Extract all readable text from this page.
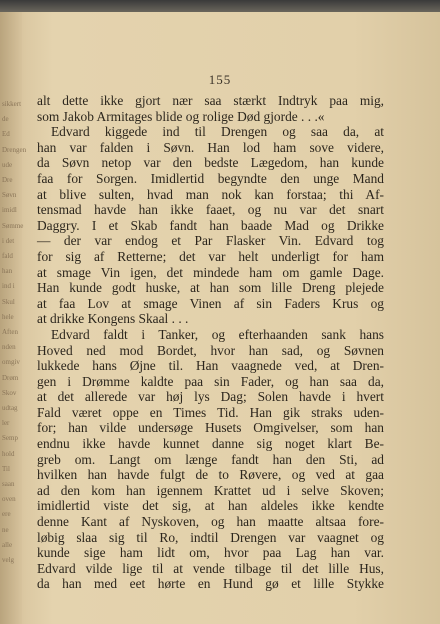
sikkert
de
Ed
Drengen
ude
Dre
Søvn
imidl
Sømme
i det
fald
han
ind i
Skul
hele
Aften
nden
omgiv
Drøm
Skov
udtag
ler
Semp
hold
Til
saan
oven
ere
ne
alle
velg
155
alt dette ikke gjort nær saa stærkt Indtryk paa mig,
som Jakob Armitages blide og rolige Død gjorde . . .«
Edvard kiggede ind til Drengen og saa da, at
han var falden i Søvn. Han lod ham sove videre,
da Søvn netop var den bedste Lægedom, han kunde
faa for Sorgen. Imidlertid begyndte den unge Mand
at blive sulten, hvad man nok kan forstaa; thi Af-
tensmad havde han ikke faaet, og nu var det snart
Daggry. I et Skab fandt han baade Mad og Drikke
— der var endog et Par Flasker Vin. Edvard tog
for sig af Retterne; det var helt underligt for ham
at smage Vin igen, det mindede ham om gamle Dage.
Han kunde godt huske, at han som lille Dreng plejede
at faa Lov at smage Vinen af sin Faders Krus og
at drikke Kongens Skaal . . .
Edvard faldt i Tanker, og efterhaanden sank hans
Hoved ned mod Bordet, hvor han sad, og Søvnen
lukkede hans Øjne til. Han vaagnede ved, at Dren-
gen i Drømme kaldte paa sin Fader, og han saa da,
at det allerede var høj lys Dag; Solen havde i hvert
Fald været oppe en Times Tid. Han gik straks uden-
for; han vilde undersøge Husets Omgivelser, som han
endnu ikke havde kunnet danne sig noget klart Be-
greb om. Langt om længe fandt han den Sti, ad
hvilken han havde fulgt de to Røvere, og ved at gaa
ad den kom han igennem Krattet ud i selve Skoven;
imidlertid viste det sig, at han aldeles ikke kendte
denne Kant af Nyskoven, og han maatte altsaa fore-
løbig slaa sig til Ro, indtil Drengen var vaagnet og
kunde sige ham lidt om, hvor paa Lag han var.
Edvard vilde lige til at vende tilbage til det lille Hus,
da han med eet hørte en Hund gø et lille Stykke
